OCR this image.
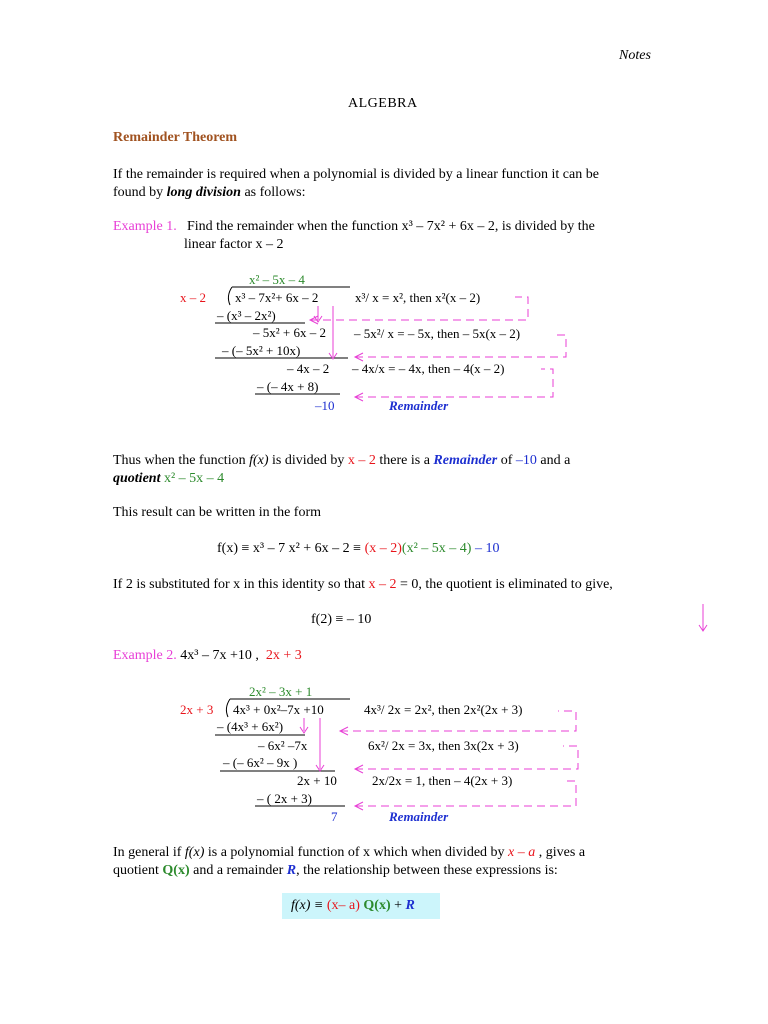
Notes
ALGEBRA
Remainder Theorem
If the remainder is required when a polynomial is divided by a linear function it can be
found by long division as follows:
Example 1. Find the remainder when the function x³ – 7x² + 6x – 2, is divided by the
linear factor x – 2
x² – 5x – 4
x – 2 x³ – 7x²+ 6x – 2
– (x³ – 2x²)
– 5x² + 6x – 2
– (– 5x² + 10x)
– 4x – 2
– (– 4x + 8)
–10
x³/ x = x², then x²(x – 2)
– 5x²/ x = – 5x, then – 5x(x – 2)
– 4x/x = – 4x, then – 4(x – 2)
Remainder
Thus when the function f(x) is divided by x – 2 there is a Remainder of –10 and a
quotient x² – 5x – 4
This result can be written in the form
f(x) ≡ x³ – 7 x² + 6x – 2 ≡ (x – 2)(x² – 5x – 4) – 10
If 2 is substituted for x in this identity so that x – 2 = 0, the quotient is eliminated to give,
f(2) ≡ – 10
Example 2. 4x³ – 7x +10 , 2x + 3
2x² – 3x + 1
2x + 3 4x³ + 0x²–7x +10
– (4x³ + 6x²)
– 6x² –7x
– (– 6x² – 9x )
2x + 10
– ( 2x + 3)
7
4x³/ 2x = 2x², then 2x²(2x + 3)
6x²/ 2x = 3x, then 3x(2x + 3)
2x/2x = 1, then – 4(2x + 3)
Remainder
In general if f(x) is a polynomial function of x which when divided by x – a , gives a
quotient Q(x) and a remainder R, the relationship between these expressions is:
f(x) ≡ (x– a) Q(x) + R
